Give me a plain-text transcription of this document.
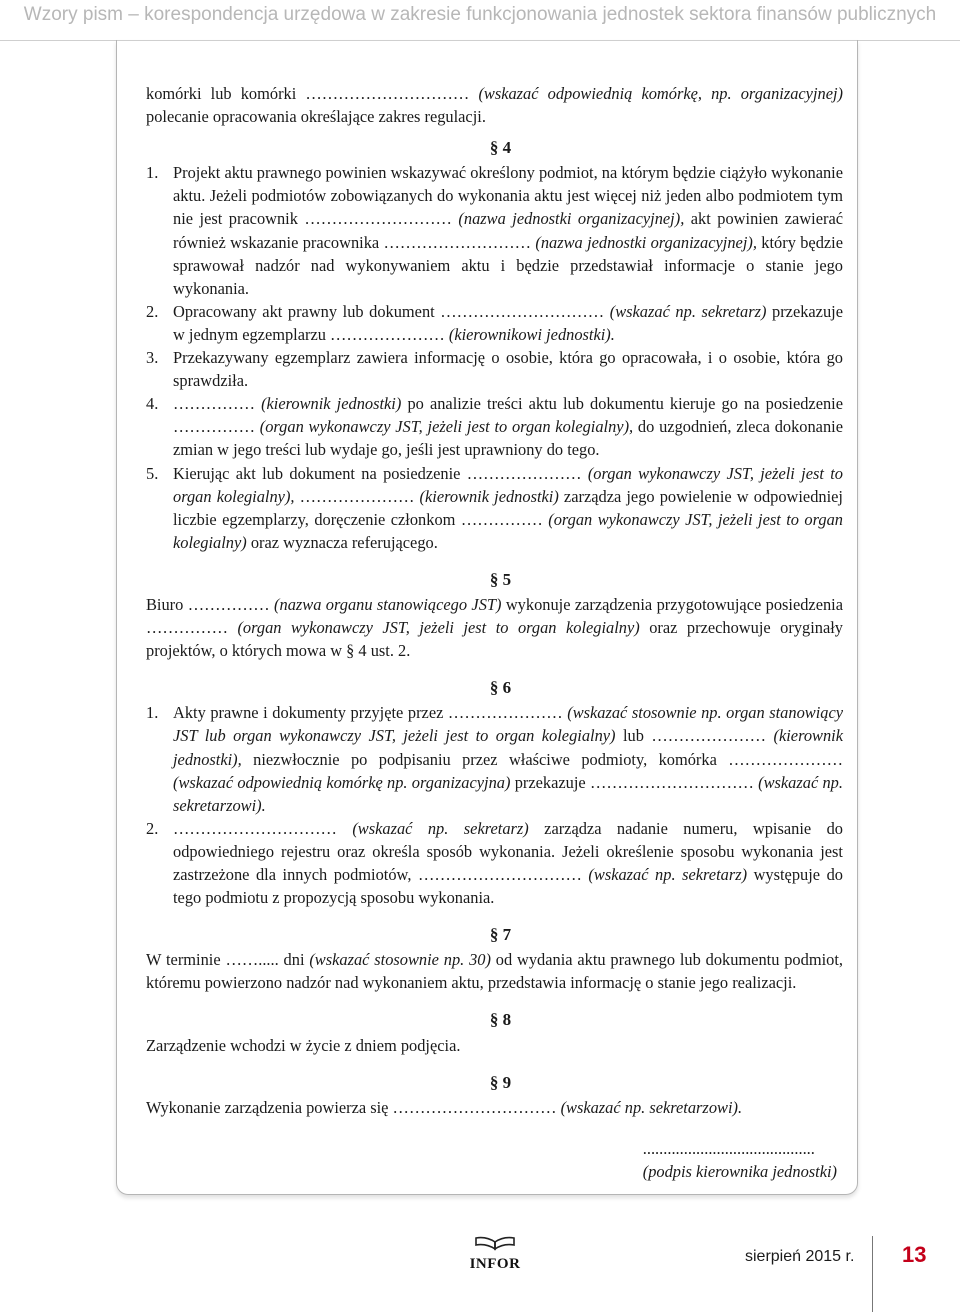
Wzory pism – korespondencja urzędowa w zakresie funkcjonowania jednostek sektora finansów publicznych

komórki lub komórki ………………………… (wskazać odpowiednią komórkę, np. organizacyjnej) polecanie opracowania określające zakres regulacji.

§ 4

1. Projekt aktu prawnego powinien wskazywać określony podmiot, na którym będzie ciążyło wykonanie aktu. Jeżeli podmiotów zobowiązanych do wykonania aktu jest więcej niż jeden albo podmiotem tym nie jest pracownik ……………………… (nazwa jednostki organizacyjnej), akt powinien zawierać również wskazanie pracownika ……………………… (nazwa jednostki organizacyjnej), który będzie sprawował nadzór nad wykonywaniem aktu i będzie przedstawiał informacje o stanie jego wykonania.
2. Opracowany akt prawny lub dokument ………………………… (wskazać np. sekretarz) przekazuje w jednym egzemplarzu ………………… (kierownikowi jednostki).
3. Przekazywany egzemplarz zawiera informację o osobie, która go opracowała, i o osobie, która go sprawdziła.
4. …………… (kierownik jednostki) po analizie treści aktu lub dokumentu kieruje go na posiedzenie …………… (organ wykonawczy JST, jeżeli jest to organ kolegialny), do uzgodnień, zleca dokonanie zmian w jego treści lub wydaje go, jeśli jest uprawniony do tego.
5. Kierując akt lub dokument na posiedzenie ………………… (organ wykonawczy JST, jeżeli jest to organ kolegialny), ………………… (kierownik jednostki) zarządza jego powielenie w odpowiedniej liczbie egzemplarzy, doręczenie członkom …………… (organ wykonawczy JST, jeżeli jest to organ kolegialny) oraz wyznacza referującego.

§ 5

Biuro …………… (nazwa organu stanowiącego JST) wykonuje zarządzenia przygotowujące posiedzenia …………… (organ wykonawczy JST, jeżeli jest to organ kolegialny) oraz przechowuje oryginały projektów, o których mowa w § 4 ust. 2.

§ 6

1. Akty prawne i dokumenty przyjęte przez ………………… (wskazać stosownie np. organ stanowiący JST lub organ wykonawczy JST, jeżeli jest to organ kolegialny) lub ………………… (kierownik jednostki), niezwłocznie po podpisaniu przez właściwe podmioty, komórka ………………… (wskazać odpowiednią komórkę np. organizacyjna) przekazuje ………………………… (wskazać np. sekretarzowi).
2. ………………………… (wskazać np. sekretarz) zarządza nadanie numeru, wpisanie do odpowiedniego rejestru oraz określa sposób wykonania. Jeżeli określenie sposobu wykonania jest zastrzeżone dla innych podmiotów, ………………………… (wskazać np. sekretarz) występuje do tego podmiotu z propozycją sposobu wykonania.

§ 7

W terminie ……..... dni (wskazać stosownie np. 30) od wydania aktu prawnego lub dokumentu podmiot, któremu powierzono nadzór nad wykonaniem aktu, przedstawia informację o stanie jego realizacji.

§ 8

Zarządzenie wchodzi w życie z dniem podjęcia.

§ 9

Wykonanie zarządzenia powierza się ………………………… (wskazać np. sekretarzowi).

..........................................
(podpis kierownika jednostki)
INFOR	sierpień 2015 r. 13
